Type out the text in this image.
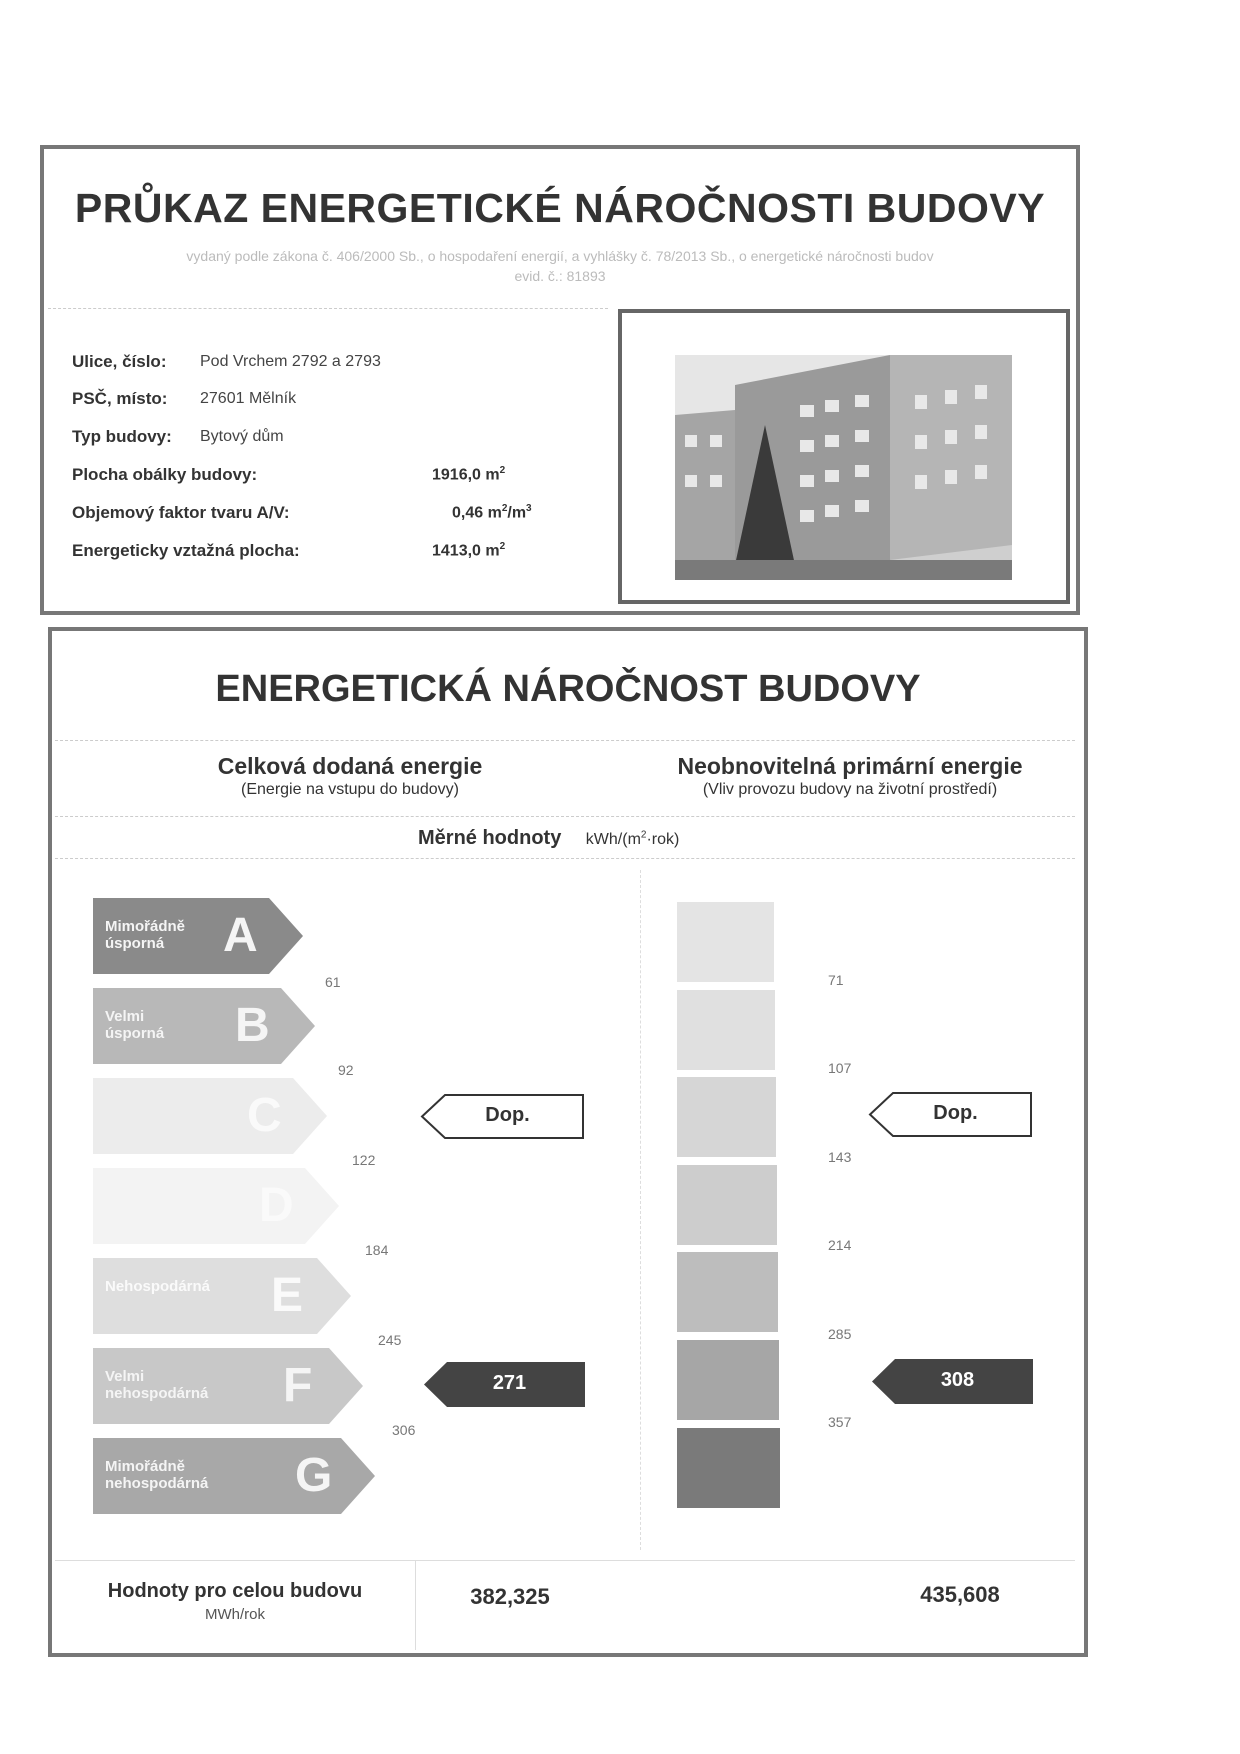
PRŮKAZ ENERGETICKÉ NÁROČNOSTI BUDOVY
vydaný podle zákona č. 406/2000 Sb., o hospodaření energií, a vyhlášky č. 78/2013 Sb., o energetické náročnosti budov
evid. č.: 81893
Ulice, číslo: Pod Vrchem 2792 a 2793
PSČ, místo: 27601 Mělník
Typ budovy: Bytový dům
Plocha obálky budovy:	1916,0 $m^2$
Objemový faktor tvaru A/V:	0,46 $m^2/m^3$
Energeticky vztažná plocha:	1413,0 $m^2$
ENERGETICKÁ NÁROČNOST BUDOVY
Celková dodaná energie
(Energie na vstupu do budovy)
Neobnovitelná primární energie
(Vliv provozu budovy na životní prostředí)
Měrné hodnoty kWh/$(m^2\cdot rok)$
Mimořádně
úsporná	A
Velmi
úsporná B
C
D
Nehospodárná E
Velmi
nehospodárná F
Mimořádně
nehospodárná G
61
92
122
184
245
306
71
107
143
214
285
357
Dop.	Dop.
271	308
Hodnoty pro celou budovu
MWh/rok
382,325	435,608
